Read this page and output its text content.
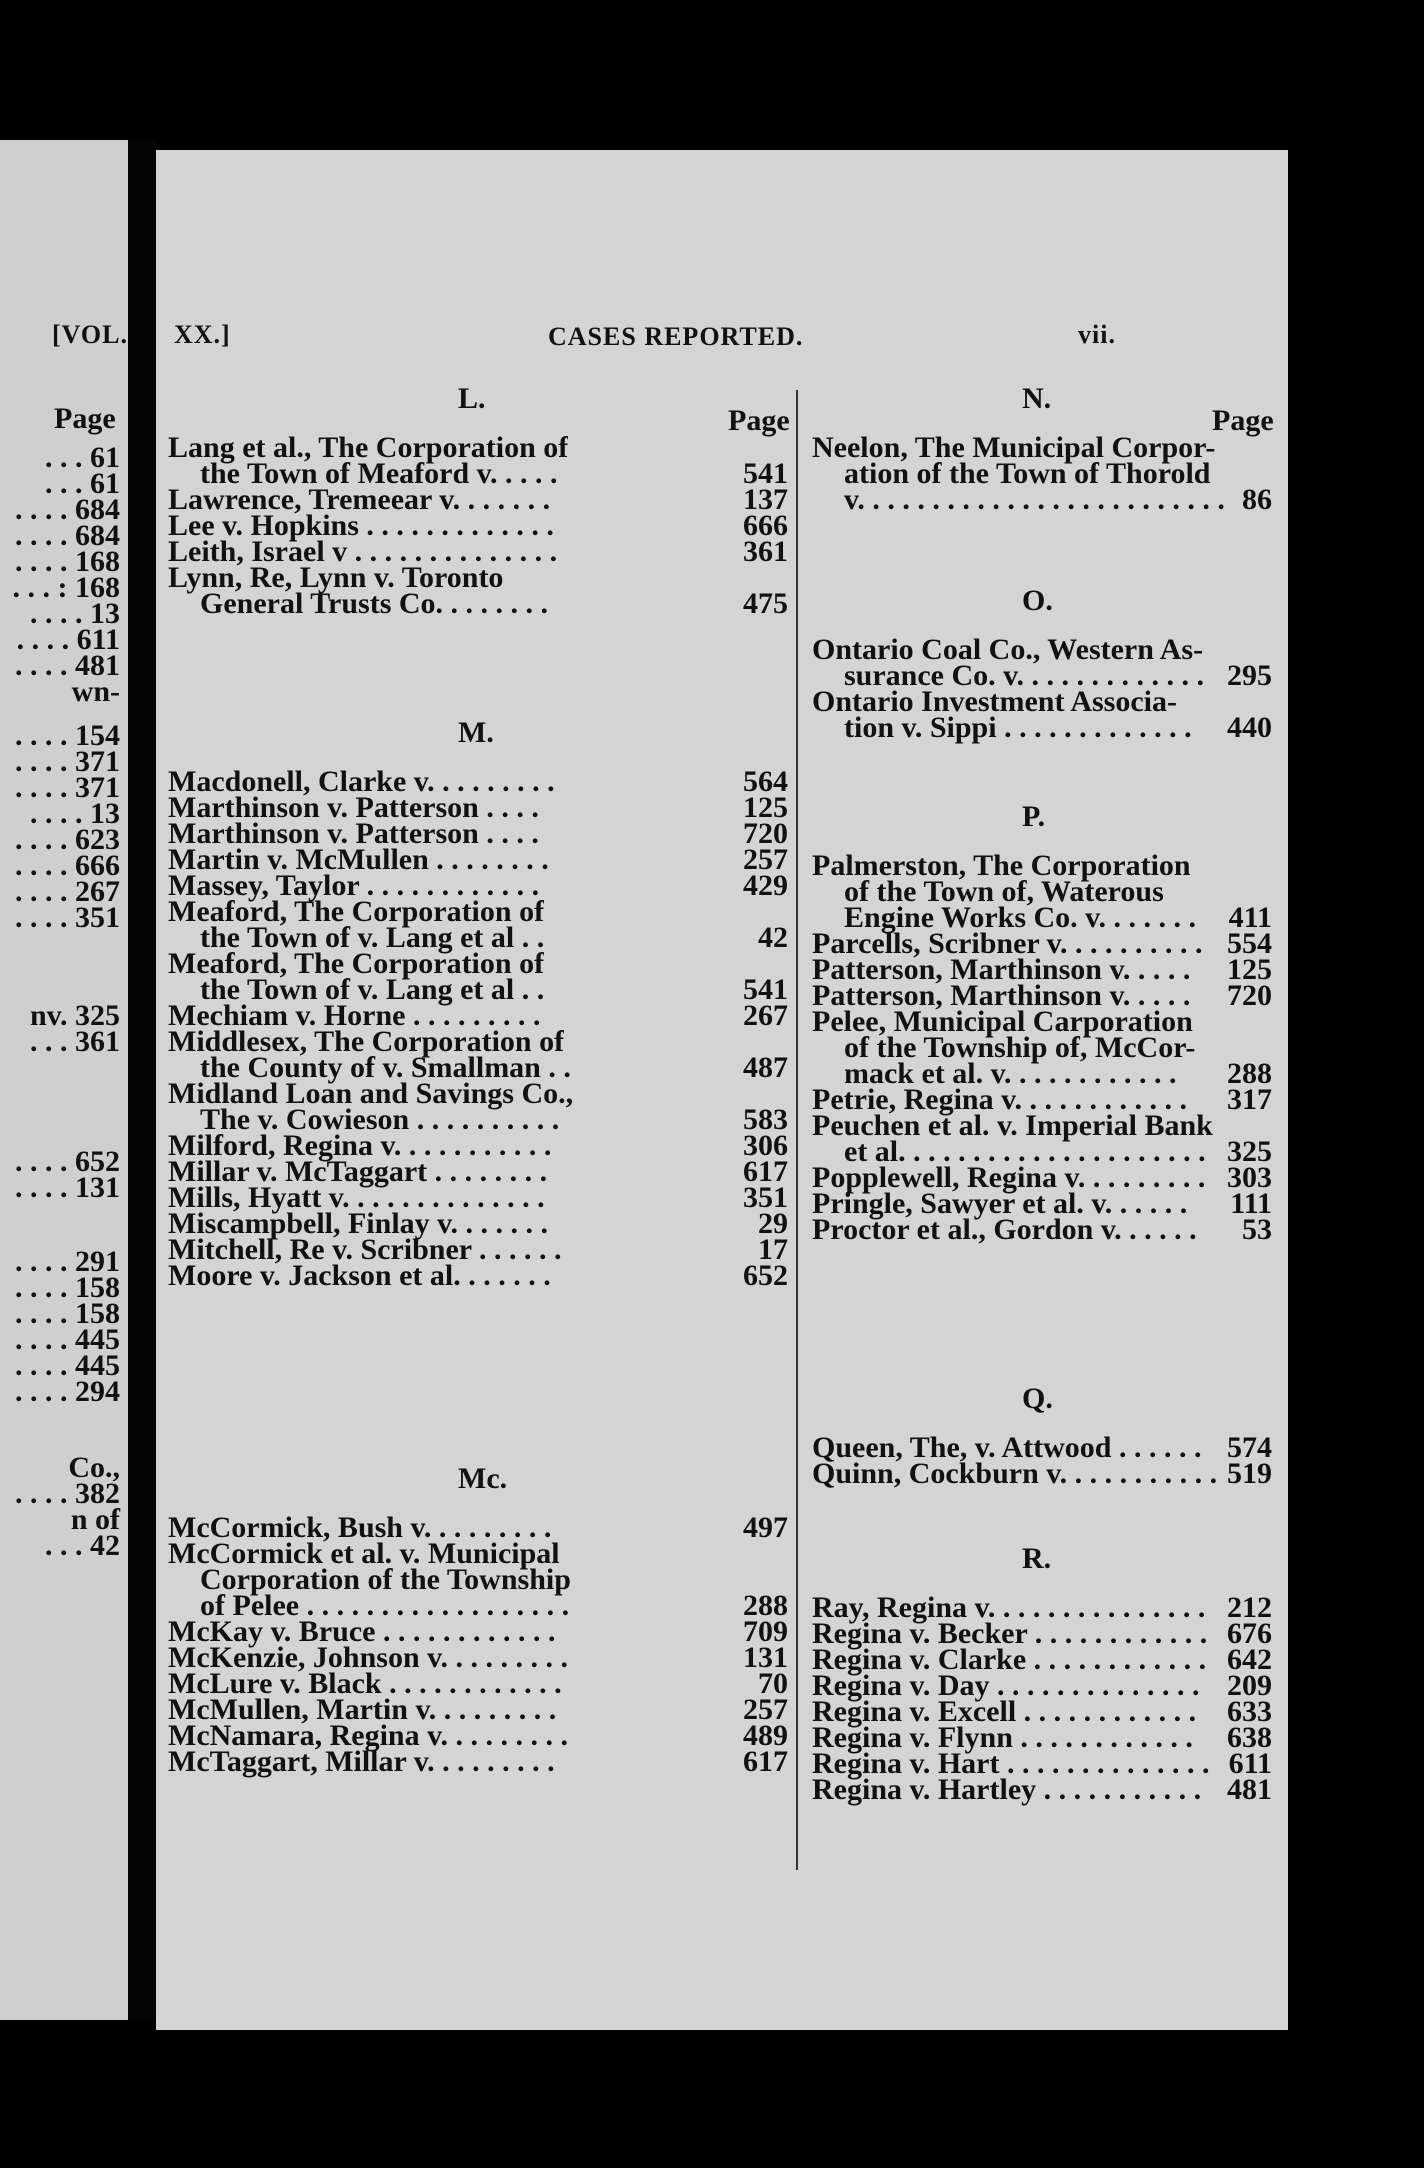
[VOL.
Page
. . . 61
. . . 61
. . . . 684
. . . . 684
. . . . 168
. . . : 168
. . . . 13
. . . . 611
. . . . 481
wn-
. . . . 154
. . . . 371
. . . . 371
. . . . 13
. . . . 623
. . . . 666
. . . . 267
. . . . 351
nv. 325
. . . 361
. . . . 652
. . . . 131
. . . . 291
. . . . 158
. . . . 158
. . . . 445
. . . . 445
. . . . 294
Co.,
. . . . 382
n of
. . . 42
XX.]	CASES REPORTED.	vii.
Page
L.
Lang et al., The Corporation of
the Town of Meaford v. . . . .	541
Lawrence, Tremeear v. . . . . . .	137
Lee v. Hopkins . . . . . . . . . . . . .	666
Leith, Israel v . . . . . . . . . . . . . .	361
Lynn, Re, Lynn v. Toronto
General Trusts Co. . . . . . . .	475
M.
Macdonell, Clarke v. . . . . . . . .	564
Marthinson v. Patterson . . . .	125
Marthinson v. Patterson . . . .	720
Martin v. McMullen . . . . . . . .	257
Massey, Taylor . . . . . . . . . . . .	429
Meaford, The Corporation of
the Town of v. Lang et al . .	42
Meaford, The Corporation of
the Town of v. Lang et al . .	541
Mechiam v. Horne . . . . . . . . .	267
Middlesex, The Corporation of
the County of v. Smallman . .	487
Midland Loan and Savings Co.,
The v. Cowieson . . . . . . . . . .	583
Milford, Regina v. . . . . . . . . . .	306
Millar v. McTaggart . . . . . . . .	617
Mills, Hyatt v. . . . . . . . . . . . . .	351
Miscampbell, Finlay v. . . . . . .	29
Mitchell, Re v. Scribner . . . . . .	17
Moore v. Jackson et al. . . . . . .	652
Mc.
McCormick, Bush v. . . . . . . . .	497
McCormick et al. v. Municipal
Corporation of the Township
of Pelee . . . . . . . . . . . . . . . . . .	288
McKay v. Bruce . . . . . . . . . . . .	709
McKenzie, Johnson v. . . . . . . . .	131
McLure v. Black . . . . . . . . . . . .	70
McMullen, Martin v. . . . . . . . .	257
McNamara, Regina v. . . . . . . . .	489
McTaggart, Millar v. . . . . . . . .	617
Page
N.
Neelon, The Municipal Corpor-
ation of the Town of Thorold
v. . . . . . . . . . . . . . . . . . . . . . . . . 86
O.
Ontario Coal Co., Western As-
surance Co. v. . . . . . . . . . . . . 295
Ontario Investment Associa-
tion v. Sippi . . . . . . . . . . . . . 440
P.
Palmerston, The Corporation
of the Town of, Waterous
Engine Works Co. v. . . . . . . 411
Parcells, Scribner v. . . . . . . . . . 554
Patterson, Marthinson v. . . . . 125
Patterson, Marthinson v. . . . . 720
Pelee, Municipal Carporation
of the Township of, McCor-
mack et al. v. . . . . . . . . . . . 288
Petrie, Regina v. . . . . . . . . . . . 317
Peuchen et al. v. Imperial Bank
et al. . . . . . . . . . . . . . . . . . . . . 325
Popplewell, Regina v. . . . . . . . . 303
Pringle, Sawyer et al. v. . . . . . 111
Proctor et al., Gordon v. . . . . . 53
Q.
Queen, The, v. Attwood . . . . . . 574
Quinn, Cockburn v. . . . . . . . . . . 519
R.
Ray, Regina v. . . . . . . . . . . . . . . 212
Regina v. Becker . . . . . . . . . . . . 676
Regina v. Clarke . . . . . . . . . . . . 642
Regina v. Day . . . . . . . . . . . . . . 209
Regina v. Excell . . . . . . . . . . . . 633
Regina v. Flynn . . . . . . . . . . . . 638
Regina v. Hart . . . . . . . . . . . . . . 611
Regina v. Hartley . . . . . . . . . . . 481
